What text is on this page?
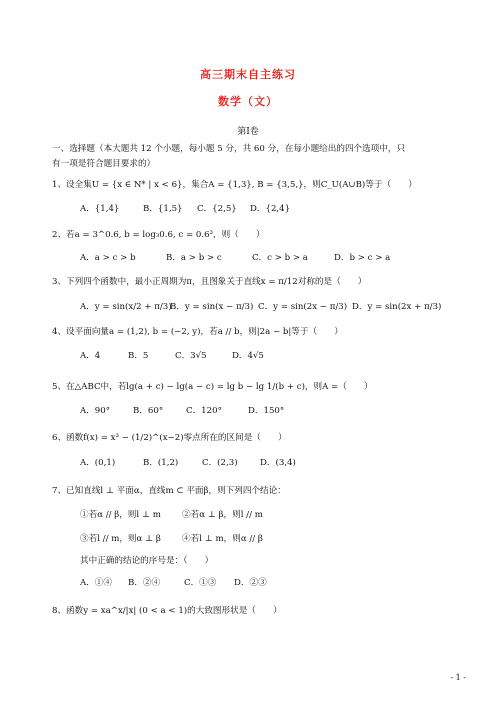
高三期末自主练习
数学（文）
第Ⅰ卷
一、选择题（本大题共 12 个小题，每小题 5 分，共 60 分，在每小题给出的四个选项中，只
有一项是符合题目要求的）
1、设全集U = {x ∈ N* | x < 6}，集合A = {1,3}, B = {3,5,}，则C_U(A∪B)等于（　　）
A．{1,4}	B．{1,5} C．{2,5} D．{2,4}
2、若a = 3^0.6, b = log₃0.6, c = 0.6³，则（　　）
A．a > c > b	B．a > b > c	C．c > b > a	D．b > c > a
3、下列四个函数中，最小正周期为π，且图象关于直线x = π/12对称的是（　　）
A．y = sin(x/2 + π/3)
B．y = sin(x − π/3) C．y = sin(2x − π/3) D．y = sin(2x + π/3)
4、设平面向量a = (1,2), b = (−2, y)，若a // b，则|2a − b|等于（　　）
A．4	B．5	C．3√5	D．4√5
5、在△ABC中，若lg(a + c) − lg(a − c) = lg b − lg 1/(b + c)，则A =（　　）
A．90°	B．60°	C．120°	D．150°
6、函数f(x) = x³ − (1/2)^(x−2)零点所在的区间是（　　）
A．(0,1)	B．(1,2)	C．(2,3)	D．(3,4)
7、已知直线l ⊥ 平面α，直线m ⊂ 平面β，则下列四个结论：
①若α // β，则l ⊥ m ②若α ⊥ β，则l // m
③若l // m，则α ⊥ β ④若l ⊥ m，则α // β
其中正确的结论的序号是：（　　）
A．①④ B．②④	C．①③ D．②③
8、函数y = xa^x/|x| (0 < a < 1)的大致图形状是（　　）
- 1 -
